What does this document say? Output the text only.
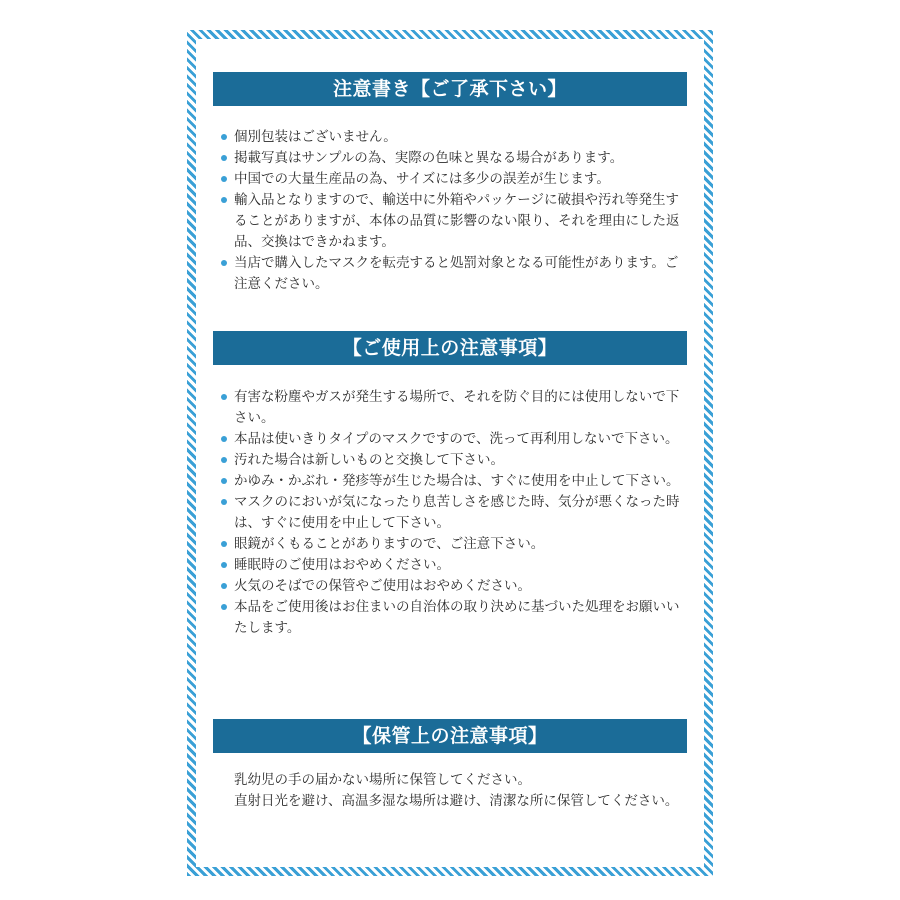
注意書き【ご了承下さい】
個別包装はございません。
掲載写真はサンプルの為、実際の色味と異なる場合があります。
中国での大量生産品の為、サイズには多少の誤差が生じます。
輸入品となりますので、輸送中に外箱やパッケージに破損や汚れ等発生することがありますが、本体の品質に影響のない限り、それを理由にした返品、交換はできかねます。
当店で購入したマスクを転売すると処罰対象となる可能性があります。ご注意ください。
【ご使用上の注意事項】
有害な粉塵やガスが発生する場所で、それを防ぐ目的には使用しないで下さい。
本品は使いきりタイプのマスクですので、洗って再利用しないで下さい。
汚れた場合は新しいものと交換して下さい。
かゆみ・かぶれ・発疹等が生じた場合は、すぐに使用を中止して下さい。
マスクのにおいが気になったり息苦しさを感じた時、気分が悪くなった時は、すぐに使用を中止して下さい。
眼鏡がくもることがありますので、ご注意下さい。
睡眠時のご使用はおやめください。
火気のそばでの保管やご使用はおやめください。
本品をご使用後はお住まいの自治体の取り決めに基づいた処理をお願いいたします。
【保管上の注意事項】
乳幼児の手の届かない場所に保管してください。
直射日光を避け、高温多湿な場所は避け、清潔な所に保管してください。
